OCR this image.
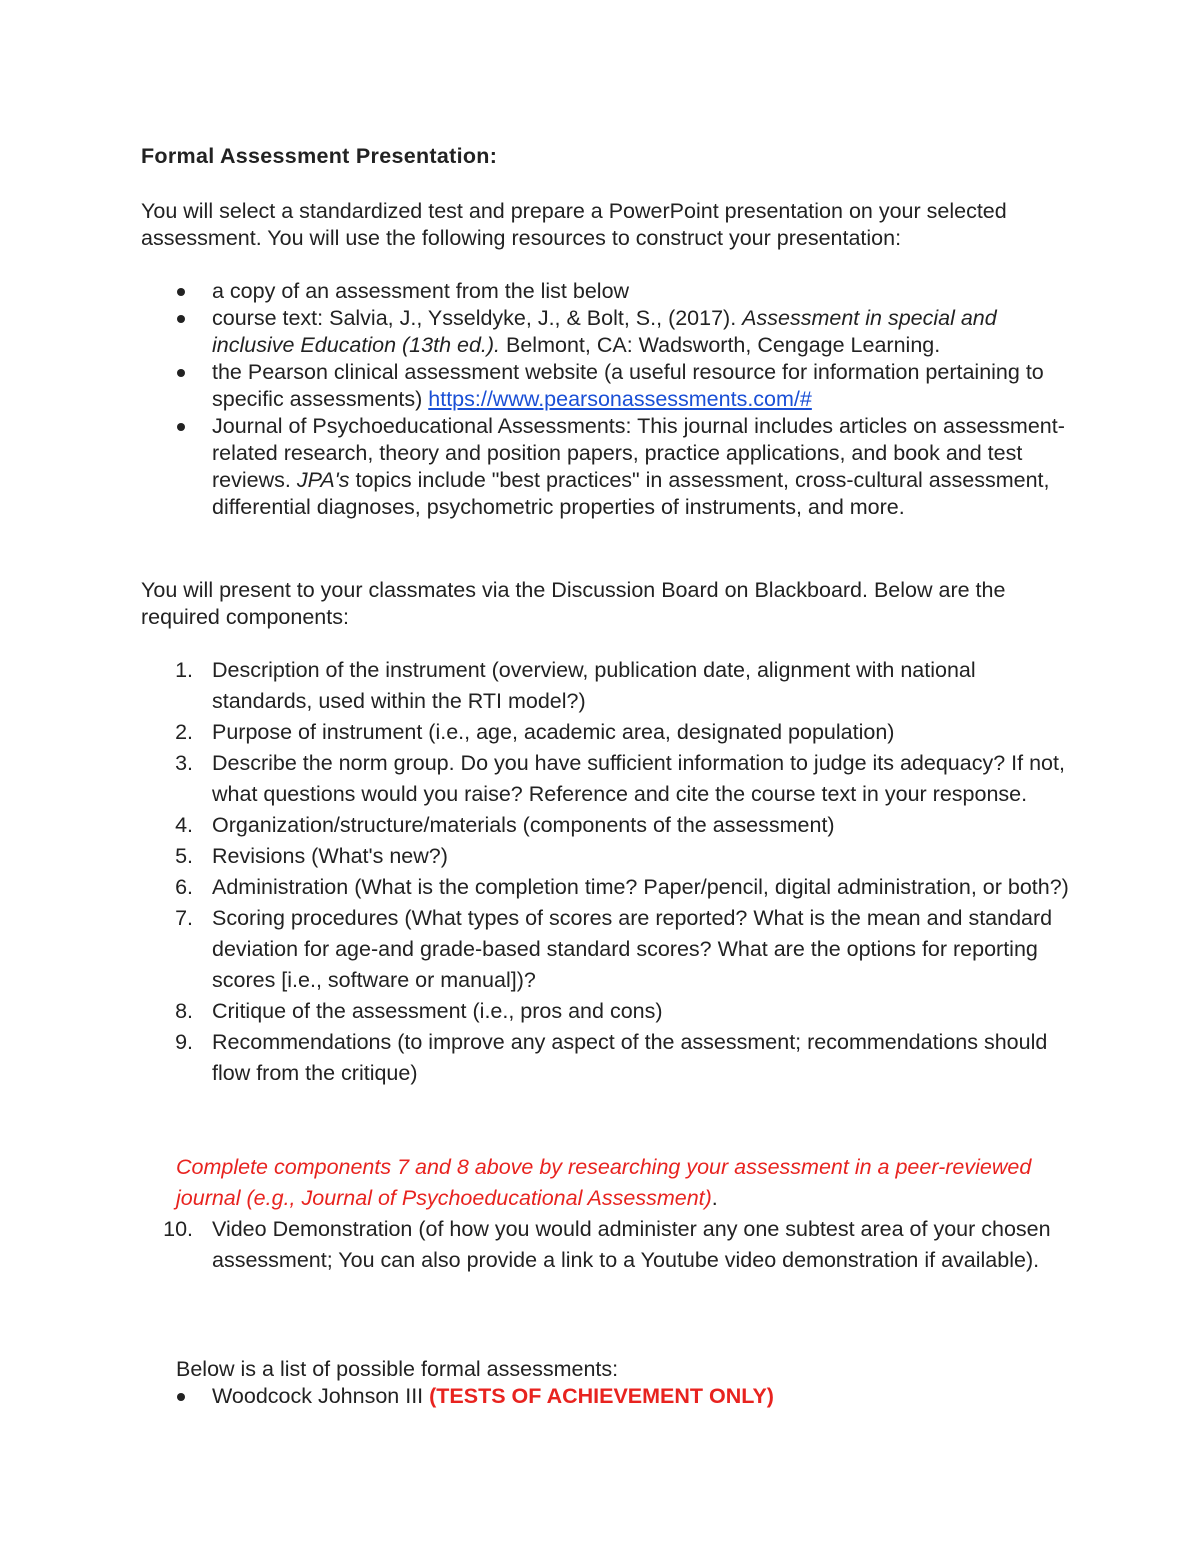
Formal Assessment Presentation:

You will select a standardized test and prepare a PowerPoint presentation on your selected assessment. You will use the following resources to construct your presentation:

a copy of an assessment from the list below
course text: Salvia, J., Ysseldyke, J., & Bolt, S., (2017). Assessment in special and inclusive Education (13th ed.). Belmont, CA: Wadsworth, Cengage Learning.
the Pearson clinical assessment website (a useful resource for information pertaining to specific assessments) https://www.pearsonassessments.com/#
Journal of Psychoeducational Assessments: This journal includes articles on assessment-related research, theory and position papers, practice applications, and book and test reviews. JPA's topics include "best practices" in assessment, cross-cultural assessment, differential diagnoses, psychometric properties of instruments, and more.

You will present to your classmates via the Discussion Board on Blackboard. Below are the required components:

1. Description of the instrument (overview, publication date, alignment with national standards, used within the RTI model?)
2. Purpose of instrument (i.e., age, academic area, designated population)
3. Describe the norm group. Do you have sufficient information to judge its adequacy? If not, what questions would you raise? Reference and cite the course text in your response.
4. Organization/structure/materials (components of the assessment)
5. Revisions (What's new?)
6. Administration (What is the completion time? Paper/pencil, digital administration, or both?)
7. Scoring procedures (What types of scores are reported? What is the mean and standard deviation for age-and grade-based standard scores? What are the options for reporting scores [i.e., software or manual])?
8. Critique of the assessment (i.e., pros and cons)
9. Recommendations (to improve any aspect of the assessment; recommendations should flow from the critique)

Complete components 7 and 8 above by researching your assessment in a peer-reviewed journal (e.g., Journal of Psychoeducational Assessment).

10. Video Demonstration (of how you would administer any one subtest area of your chosen assessment; You can also provide a link to a Youtube video demonstration if available).
Below is a list of possible formal assessments:
Woodcock Johnson III (TESTS OF ACHIEVEMENT ONLY)
